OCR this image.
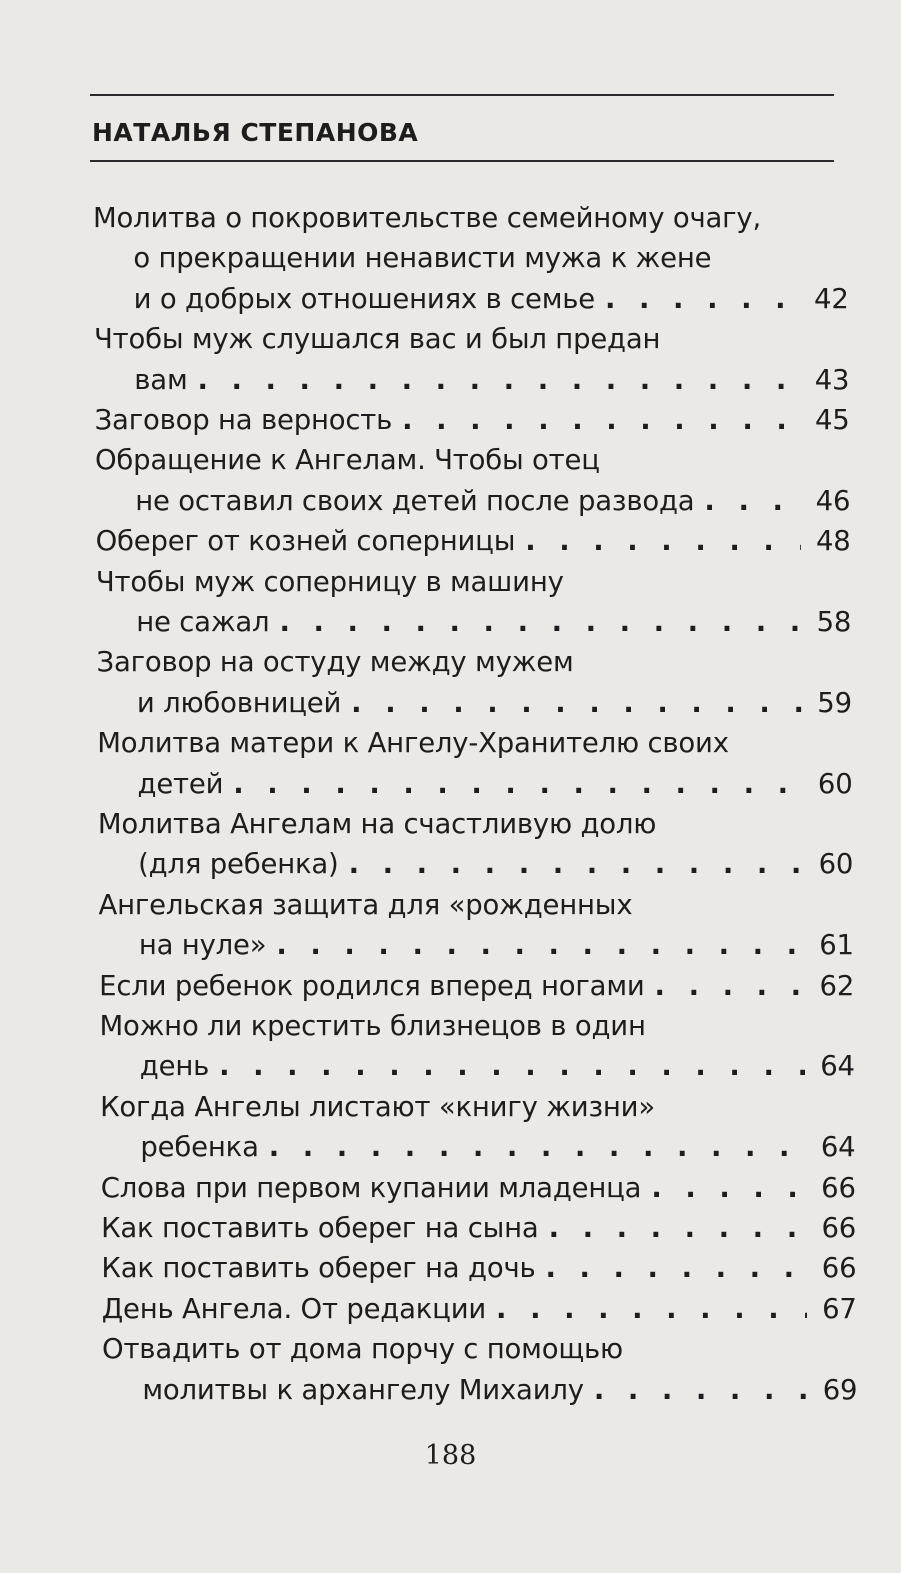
НАТАЛЬЯ СТЕПАНОВА
Молитва о покровительстве семейному очагу,
о прекращении ненависти мужа к жене
и о добрых отношениях в семье . . .	42
Чтобы муж слушался вас и был предан
вам . . .	43
Заговор на верность . . .	45
Обращение к Ангелам. Чтобы отец
не оставил своих детей после развода . . .	46
Оберег от козней соперницы . . .	48
Чтобы муж соперницу в машину
не сажал . . .	58
Заговор на остуду между мужем
и любовницей . . .	59
Молитва матери к Ангелу-Хранителю своих
детей . . .	60
Молитва Ангелам на счастливую долю
(для ребенка) . . .	60
Ангельская защита для «рожденных
на нуле» . . .	61
Если ребенок родился вперед ногами . . .	62
Можно ли крестить близнецов в один
день . . .	64
Когда Ангелы листают «книгу жизни»
ребенка . . .	64
Слова при первом купании младенца . . .	66
Как поставить оберег на сына . . .	66
Как поставить оберег на дочь . . .	66
День Ангела. От редакции . . .	67
Отвадить от дома порчу с помощью
молитвы к архангелу Михаилу . . .	69
188
